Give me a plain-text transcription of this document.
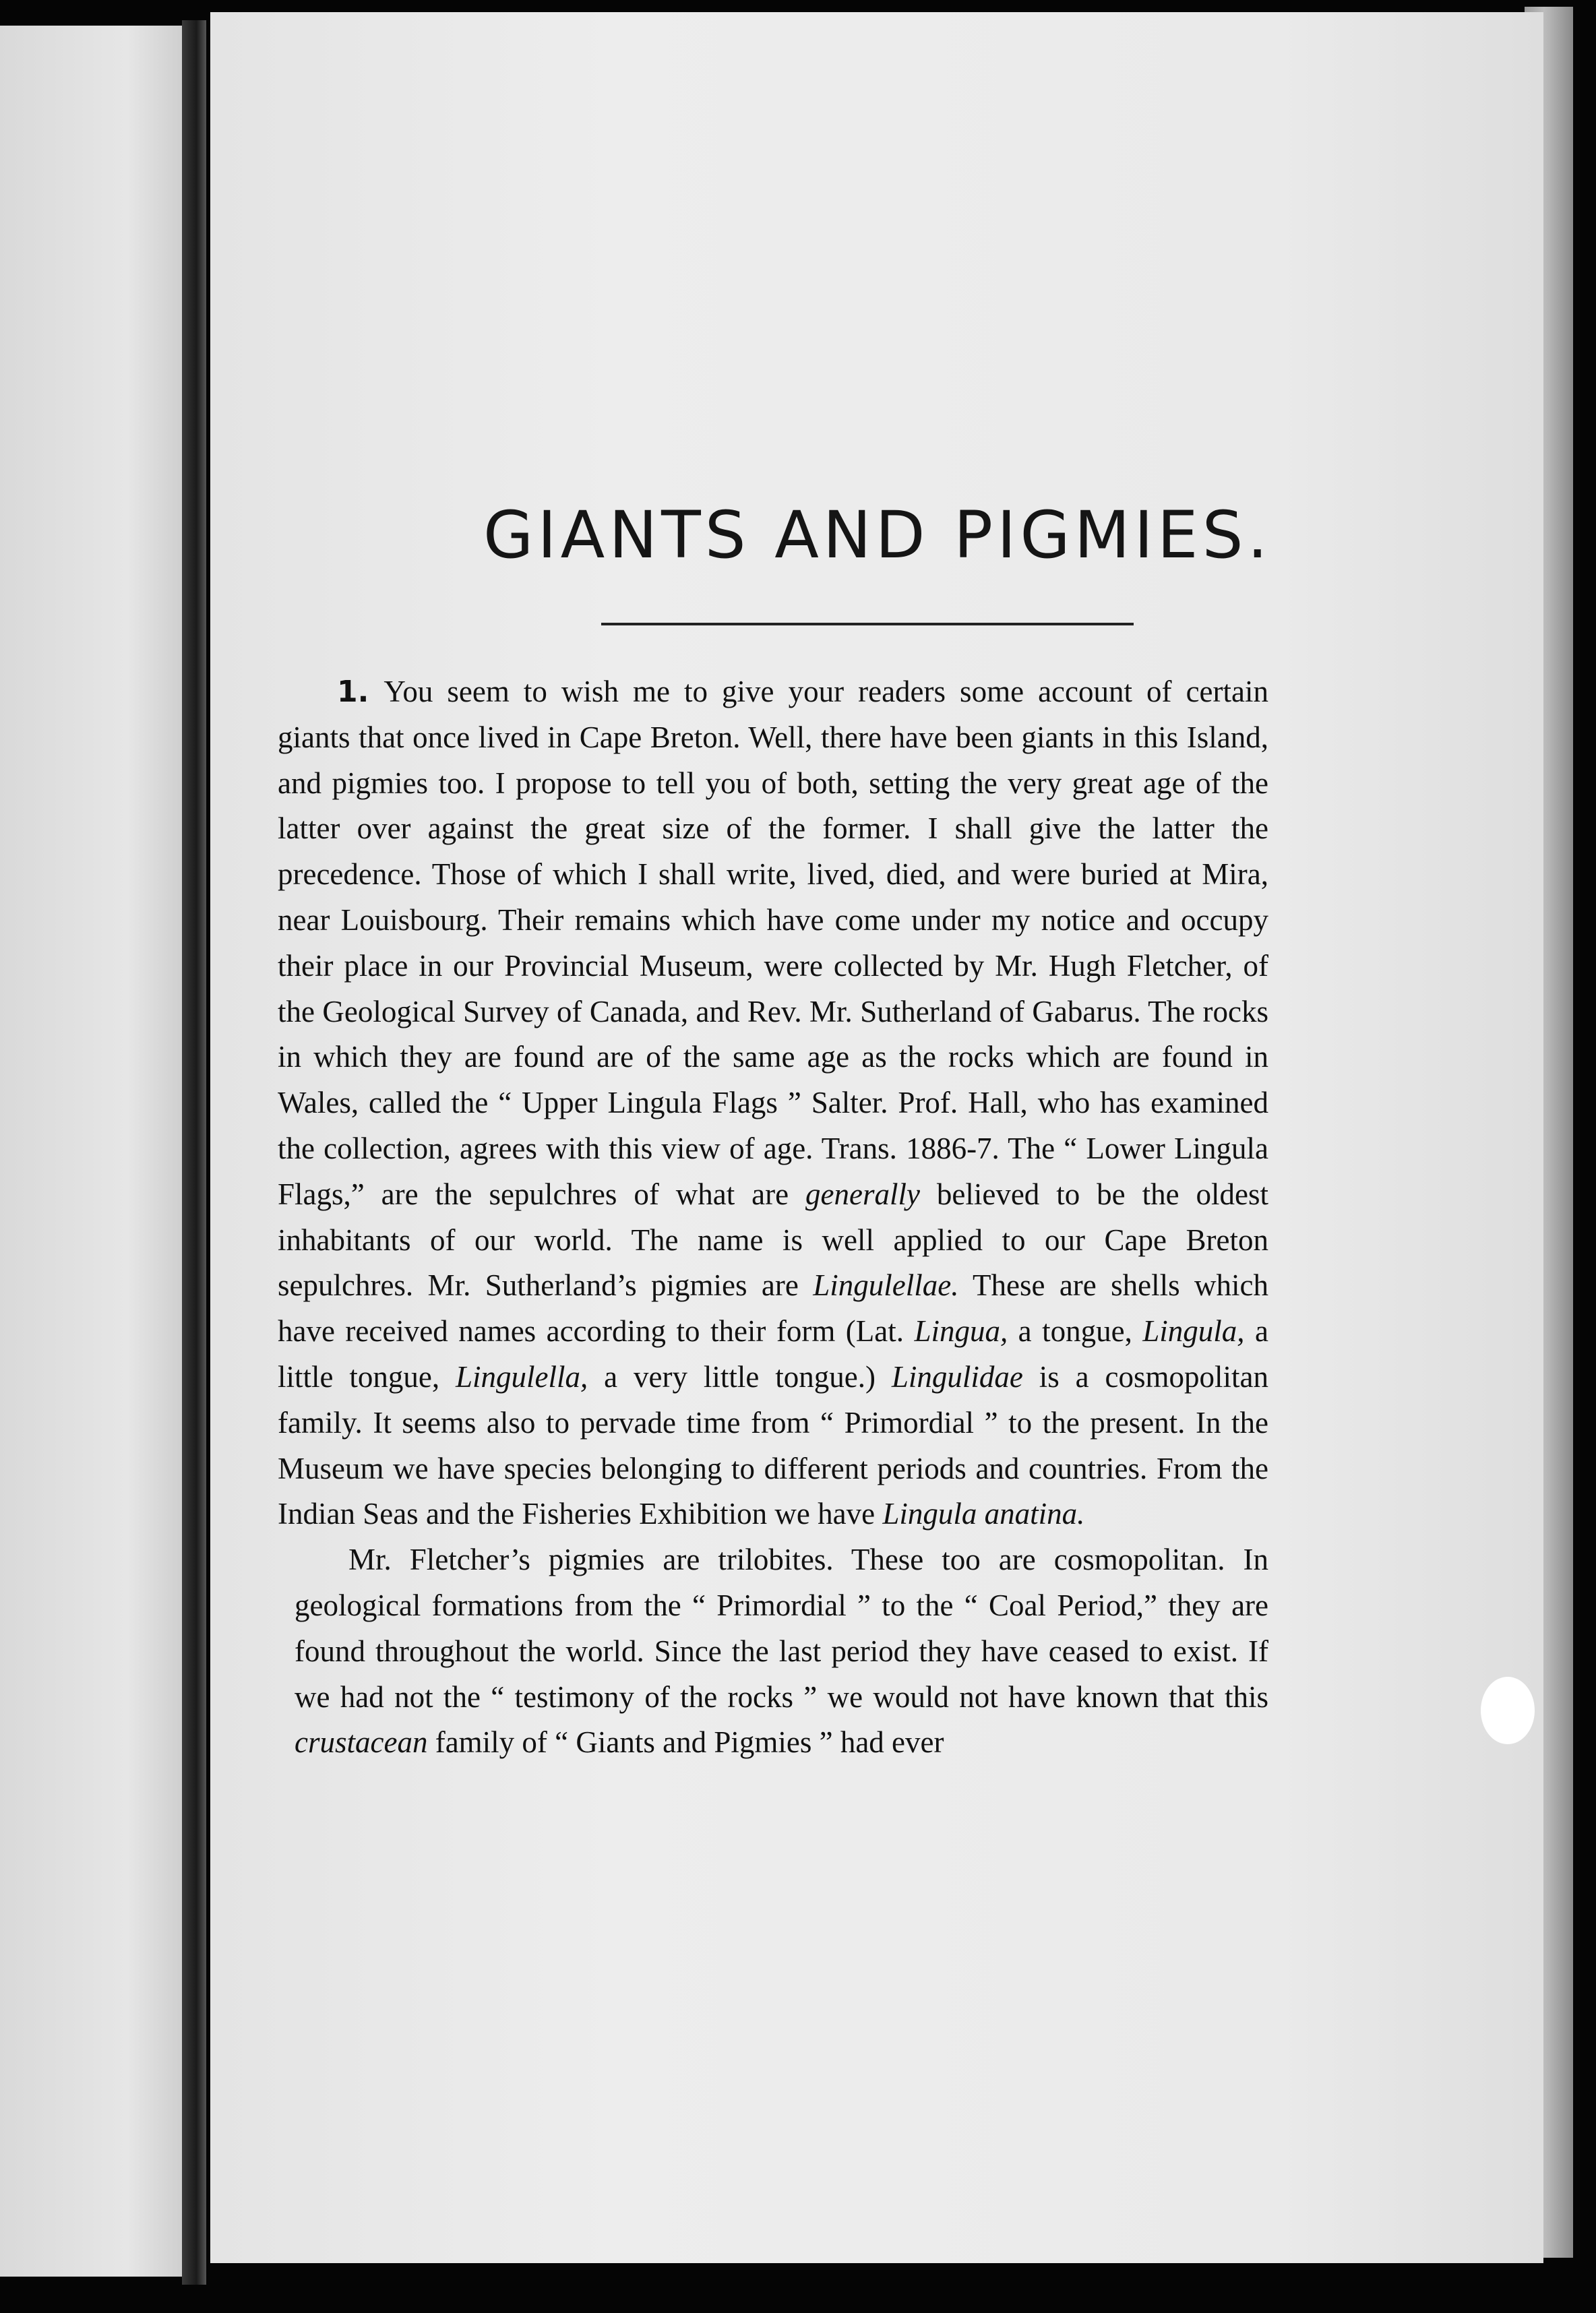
GIANTS AND PIGMIES.

1. You seem to wish me to give your readers some account of certain giants that once lived in Cape Breton. Well, there have been giants in this Island, and pigmies too. I propose to tell you of both, setting the very great age of the latter over against the great size of the former. I shall give the latter the precedence. Those of which I shall write, lived, died, and were buried at Mira, near Louisbourg. Their remains which have come under my notice and occupy their place in our Provincial Museum, were collected by Mr. Hugh Fletcher, of the Geological Survey of Canada, and Rev. Mr. Sutherland of Gabarus. The rocks in which they are found are of the same age as the rocks which are found in Wales, called the “ Upper Lingula Flags ” Salter. Prof. Hall, who has examined the collection, agrees with this view of age. Trans. 1886-7. The “ Lower Lingula Flags,” are the sepulchres of what are generally believed to be the oldest inhabitants of our world. The name is well applied to our Cape Breton sepulchres. Mr. Sutherland’s pigmies are Lingulellae. These are shells which have received names according to their form (Lat. Lingua, a tongue, Lingula, a little tongue, Lingulella, a very little tongue.) Lingulidae is a cosmopolitan family. It seems also to pervade time from “ Primordial ” to the present. In the Museum we have species belonging to different periods and countries. From the Indian Seas and the Fisheries Exhibition we have Lingula anatina.

Mr. Fletcher’s pigmies are trilobites. These too are cosmopolitan. In geological formations from the “ Primordial ” to the “ Coal Period,” they are found throughout the world. Since the last period they have ceased to exist. If we had not the “ testimony of the rocks ” we would not have known that this crustacean family of “ Giants and Pigmies ” had ever
